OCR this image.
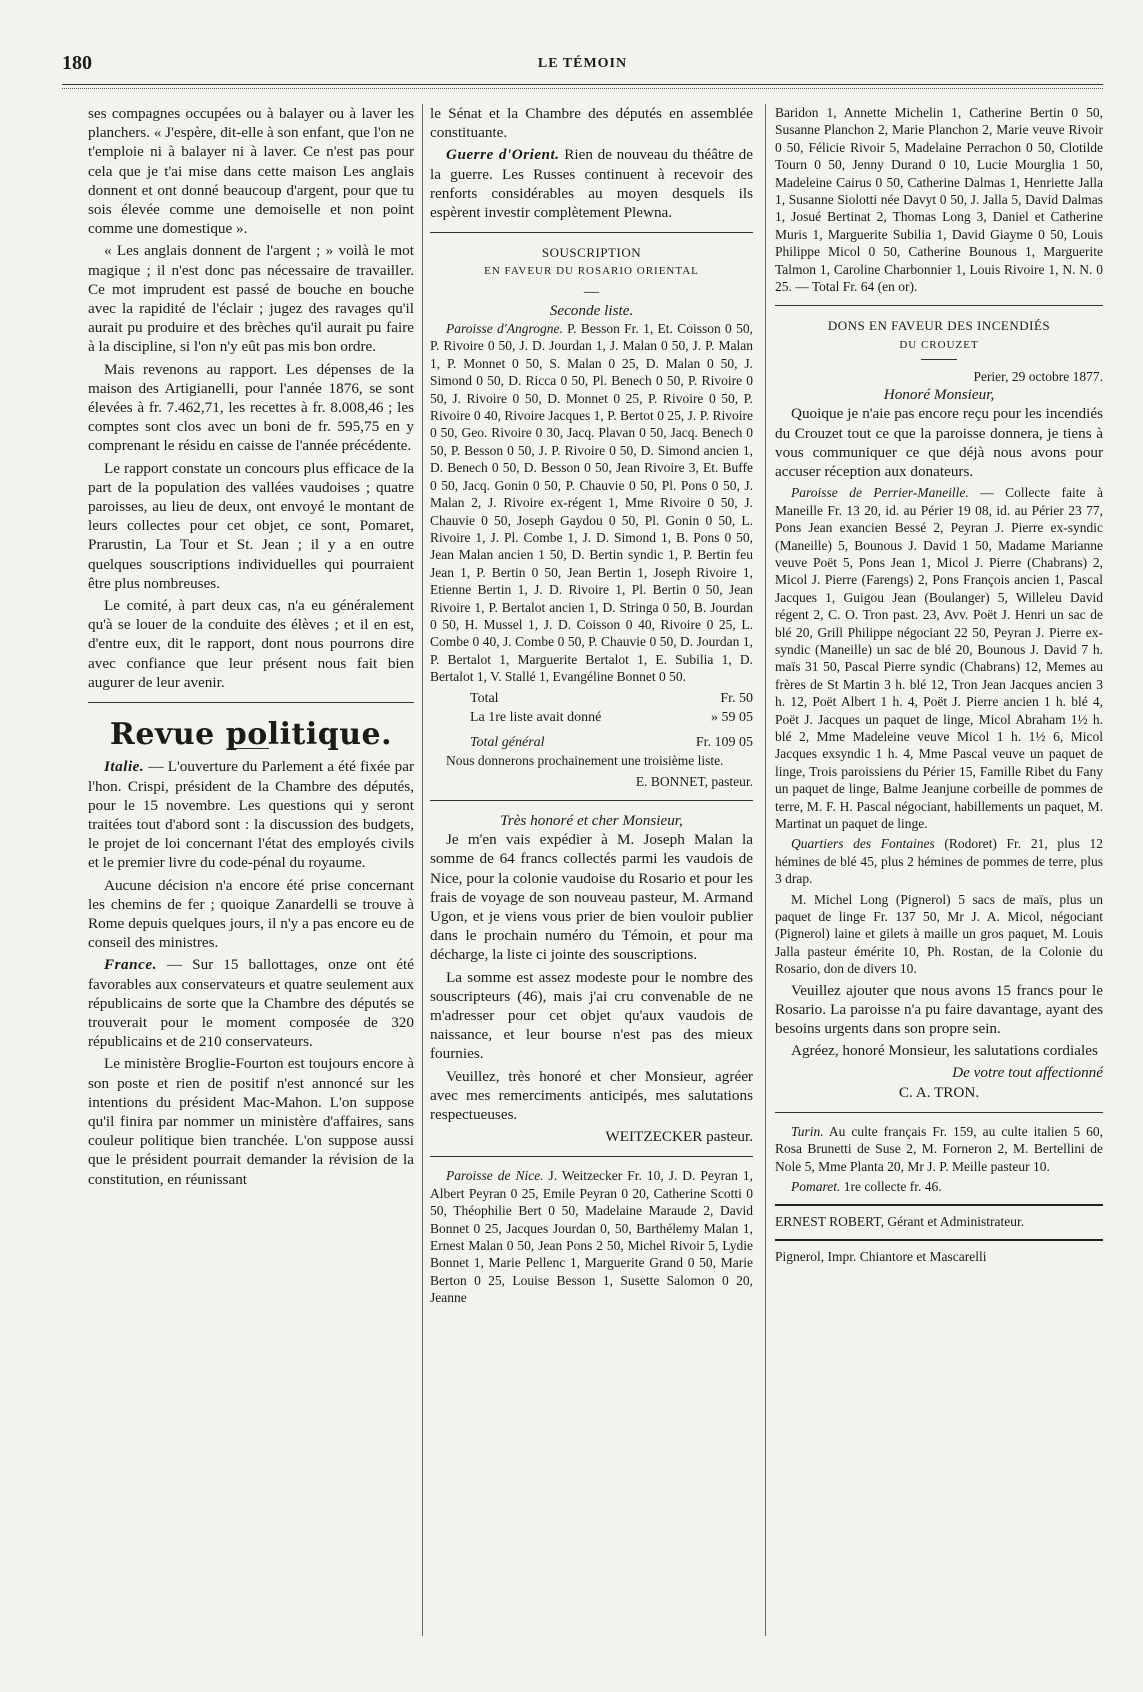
180	LE TÉMOIN

ses compagnes occupées ou à balayer ou à laver les planchers. « J'espère, dit-elle à son enfant, que l'on ne t'emploie ni à balayer ni à laver. Ce n'est pas pour cela que je t'ai mise dans cette maison Les anglais donnent et ont donné beaucoup d'argent, pour que tu sois élevée comme une demoiselle et non point comme une domestique ».

« Les anglais donnent de l'argent ; » voilà le mot magique ; il n'est donc pas nécessaire de travailler. Ce mot imprudent est passé de bouche en bouche avec la rapidité de l'éclair ; jugez des ravages qu'il aurait pu produire et des brèches qu'il aurait pu faire à la discipline, si l'on n'y eût pas mis bon ordre.

Mais revenons au rapport. Les dépenses de la maison des Artigianelli, pour l'année 1876, se sont élevées à fr. 7.462,71, les recettes à fr. 8.008,46 ; les comptes sont clos avec un boni de fr. 595,75 en y comprenant le résidu en caisse de l'année précédente.

Le rapport constate un concours plus efficace de la part de la population des vallées vaudoises ; quatre paroisses, au lieu de deux, ont envoyé le montant de leurs collectes pour cet objet, ce sont, Pomaret, Prarustin, La Tour et St. Jean ; il y a en outre quelques souscriptions individuelles qui pourraient être plus nombreuses.

Le comité, à part deux cas, n'a eu généralement qu'à se louer de la conduite des élèves ; et il en est, d'entre eux, dit le rapport, dont nous pourrons dire avec confiance que leur présent nous fait bien augurer de leur avenir.

Revue politique.

Italie. — L'ouverture du Parlement a été fixée par l'hon. Crispi, président de la Chambre des députés, pour le 15 novembre. Les questions qui y seront traitées tout d'abord sont : la discussion des budgets, le projet de loi concernant l'état des employés civils et le premier livre du code-pénal du royaume.

Aucune décision n'a encore été prise concernant les chemins de fer ; quoique Zanardelli se trouve à Rome depuis quelques jours, il n'y a pas encore eu de conseil des ministres.

France. — Sur 15 ballottages, onze ont été favorables aux conservateurs et quatre seulement aux républicains de sorte que la Chambre des députés se trouverait pour le moment composée de 320 républicains et de 210 conservateurs.

Le ministère Broglie-Fourton est toujours encore à son poste et rien de positif n'est annoncé sur les intentions du président Mac-Mahon. L'on suppose qu'il finira par nommer un ministère d'affaires, sans couleur politique bien tranchée. L'on suppose aussi que le président pourrait demander la révision de la constitution, en réunissant

le Sénat et la Chambre des députés en assemblée constituante.

Guerre d'Orient. Rien de nouveau du théâtre de la guerre. Les Russes continuent à recevoir des renforts considérables au moyen desquels ils espèrent investir complètement Plewna.

SOUSCRIPTION
EN FAVEUR DU ROSARIO ORIENTAL
—
Seconde liste.

Paroisse d'Angrogne. P. Besson Fr. 1, Et. Coisson 0 50, P. Rivoire 0 50, J. D. Jourdan 1, J. Malan 0 50, J. P. Malan 1, P. Monnet 0 50, S. Malan 0 25, D. Malan 0 50, J. Simond 0 50, D. Ricca 0 50, Pl. Benech 0 50, P. Rivoire 0 50, J. Rivoire 0 50, D. Monnet 0 25, P. Rivoire 0 50, P. Rivoire 0 40, Rivoire Jacques 1, P. Bertot 0 25, J. P. Rivoire 0 50, Geo. Rivoire 0 30, Jacq. Plavan 0 50, Jacq. Benech 0 50, P. Besson 0 50, J. P. Rivoire 0 50, D. Simond ancien 1, D. Benech 0 50, D. Besson 0 50, Jean Rivoire 3, Et. Buffe 0 50, Jacq. Gonin 0 50, P. Chauvie 0 50, Pl. Pons 0 50, J. Malan 2, J. Rivoire ex-régent 1, Mme Rivoire 0 50, J. Chauvie 0 50, Joseph Gaydou 0 50, Pl. Gonin 0 50, L. Rivoire 1, J. Pl. Combe 1, J. D. Simond 1, B. Pons 0 50, Jean Malan ancien 1 50, D. Bertin syndic 1, P. Bertin feu Jean 1, P. Bertin 0 50, Jean Bertin 1, Joseph Rivoire 1, Etienne Bertin 1, J. D. Rivoire 1, Pl. Bertin 0 50, Jean Rivoire 1, P. Bertalot ancien 1, D. Stringa 0 50, B. Jourdan 0 50, H. Mussel 1, J. D. Coisson 0 40, Rivoire 0 25, L. Combe 0 40, J. Combe 0 50, P. Chauvie 0 50, D. Jourdan 1, P. Bertalot 1, Marguerite Bertalot 1, E. Subilia 1, D. Bertalot 1, V. Stallé 1, Evangéline Bonnet 0 50.

Total	Fr. 50
La 1re liste avait donné	» 59 05
Total général	Fr. 109 05

Nous donnerons prochainement une troisième liste.

E. BONNET, pasteur.
Très honoré et cher Monsieur,

Je m'en vais expédier à M. Joseph Malan la somme de 64 francs collectés parmi les vaudois de Nice, pour la colonie vaudoise du Rosario et pour les frais de voyage de son nouveau pasteur, M. Armand Ugon, et je viens vous prier de bien vouloir publier dans le prochain numéro du Témoin, et pour ma décharge, la liste ci jointe des souscriptions.

La somme est assez modeste pour le nombre des souscripteurs (46), mais j'ai cru convenable de ne m'adresser pour cet objet qu'aux vaudois de naissance, et leur bourse n'est pas des mieux fournies.

Veuillez, très honoré et cher Monsieur, agréer avec mes remerciments anticipés, mes salutations respectueuses.

WEITZECKER pasteur.

Paroisse de Nice. J. Weitzecker Fr. 10, J. D. Peyran 1, Albert Peyran 0 25, Emile Peyran 0 20, Catherine Scotti 0 50, Théophilie Bert 0 50, Madelaine Maraude 2, David Bonnet 0 25, Jacques Jourdan 0, 50, Barthélemy Malan 1, Ernest Malan 0 50, Jean Pons 2 50, Michel Rivoir 5, Lydie Bonnet 1, Marie Pellenc 1, Marguerite Grand 0 50, Marie Berton 0 25, Louise Besson 1, Susette Salomon 0 20, Jeanne

Baridon 1, Annette Michelin 1, Catherine Bertin 0 50, Susanne Planchon 2, Marie Planchon 2, Marie veuve Rivoir 0 50, Félicie Rivoir 5, Madelaine Perrachon 0 50, Clotilde Tourn 0 50, Jenny Durand 0 10, Lucie Mourglia 1 50, Madeleine Cairus 0 50, Catherine Dalmas 1, Henriette Jalla 1, Susanne Siolotti née Davyt 0 50, J. Jalla 5, David Dalmas 1, Josué Bertinat 2, Thomas Long 3, Daniel et Catherine Muris 1, Marguerite Subilia 1, David Giayme 0 50, Louis Philippe Micol 0 50, Catherine Bounous 1, Marguerite Talmon 1, Caroline Charbonnier 1, Louis Rivoire 1, N. N. 0 25. — Total Fr. 64 (en or).

DONS EN FAVEUR DES INCENDIÉS
DU CROUZET
Perier, 29 octobre 1877.
Honoré Monsieur,

Quoique je n'aie pas encore reçu pour les incendiés du Crouzet tout ce que la paroisse donnera, je tiens à vous communiquer ce que déjà nous avons pour accuser réception aux donateurs.

Paroisse de Perrier-Maneille. — Collecte faite à Maneille Fr. 13 20, id. au Périer 19 08, id. au Périer 23 77, Pons Jean exancien Bessé 2, Peyran J. Pierre ex-syndic (Maneille) 5, Bounous J. David 1 50, Madame Marianne veuve Poët 5, Pons Jean 1, Micol J. Pierre (Chabrans) 2, Micol J. Pierre (Farengs) 2, Pons François ancien 1, Pascal Jacques 1, Guigou Jean (Boulanger) 5, Willeleu David régent 2, C. O. Tron past. 23, Avv. Poët J. Henri un sac de blé 20, Grill Philippe négociant 22 50, Peyran J. Pierre ex-syndic (Maneille) un sac de blé 20, Bounous J. David 7 h. maïs 31 50, Pascal Pierre syndic (Chabrans) 12, Memes au frères de St Martin 3 h. blé 12, Tron Jean Jacques ancien 3 h. 12, Poët Albert 1 h. 4, Poët J. Pierre ancien 1 h. blé 4, Poët J. Jacques un paquet de linge, Micol Abraham 1½ h. blé 2, Mme Madeleine veuve Micol 1 h. 1½ 6, Micol Jacques exsyndic 1 h. 4, Mme Pascal veuve un paquet de linge, Trois paroissiens du Périer 15, Famille Ribet du Fany un paquet de linge, Balme Jeanjune corbeille de pommes de terre, M. F. H. Pascal négociant, habillements un paquet, M. Martinat un paquet de linge.

Quartiers des Fontaines (Rodoret) Fr. 21, plus 12 hémines de blé 45, plus 2 hémines de pommes de terre, plus 3 drap.

M. Michel Long (Pignerol) 5 sacs de maïs, plus un paquet de linge Fr. 137 50, Mr J. A. Micol, négociant (Pignerol) laine et gilets à maille un gros paquet, M. Louis Jalla pasteur émérite 10, Ph. Rostan, de la Colonie du Rosario, don de divers 10.

Veuillez ajouter que nous avons 15 francs pour le Rosario. La paroisse n'a pu faire davantage, ayant des besoins urgents dans son propre sein.

Agréez, honoré Monsieur, les salutations cordiales

De votre tout affectionné
C. A. TRON.

Turin. Au culte français Fr. 159, au culte italien 5 60, Rosa Brunetti de Suse 2, M. Forneron 2, M. Bertellini de Nole 5, Mme Planta 20, Mr J. P. Meille pasteur 10.

Pomaret. 1re collecte fr. 46.

ERNEST ROBERT, Gérant et Administrateur.
Pignerol, Impr. Chiantore et Mascarelli
